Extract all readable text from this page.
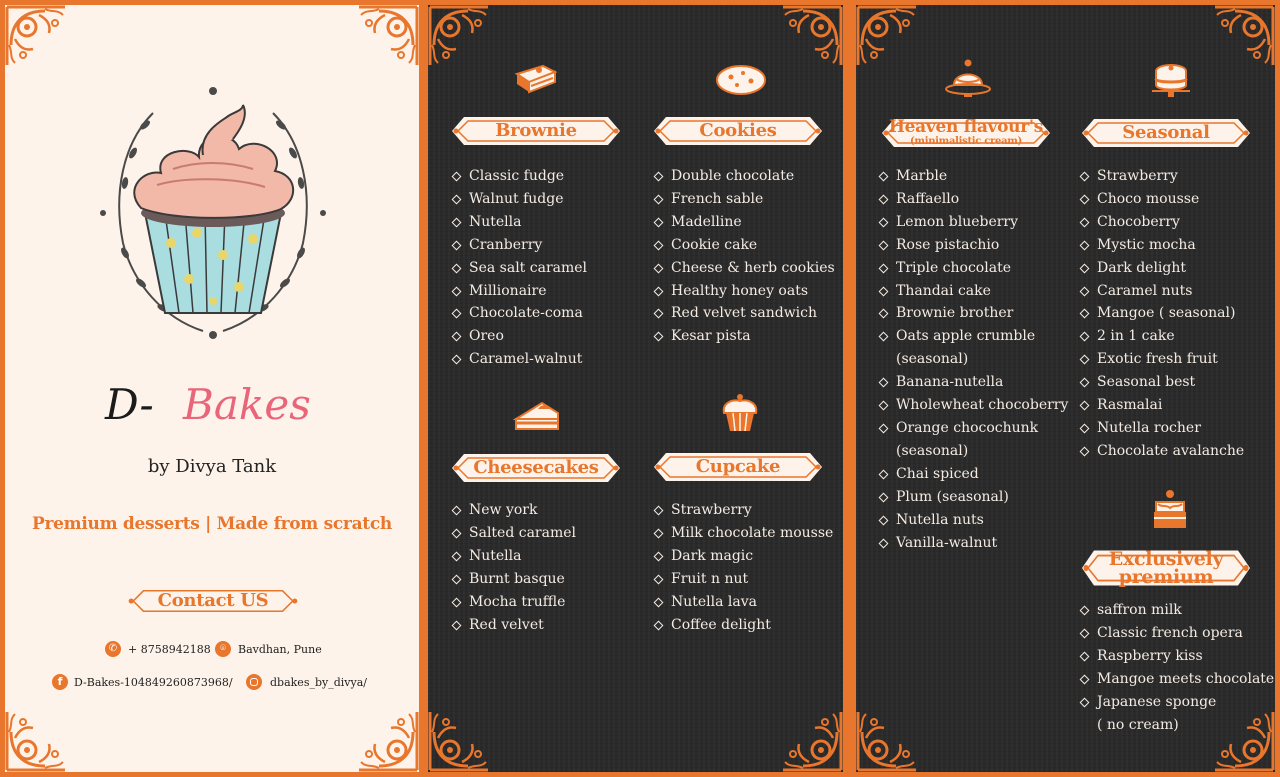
D- Bakes
by Divya Tank
Premium desserts | Made from scratch
Contact US
✆ + 8758942188 ⌾	Bavdhan, Pune
f	D-Bakes-104849260873968/	dbakes_by_divya/
Brownie
Classic fudge
Walnut fudge
Nutella
Cranberry
Sea salt caramel
Millionaire
Chocolate-coma
Oreo
Caramel-walnut
Cookies
Double chocolate
French sable
Madelline
Cookie cake
Cheese & herb cookies
Healthy honey oats
Red velvet sandwich
Kesar pista
Cheesecakes
New york
Salted caramel
Nutella
Burnt basque
Mocha truffle
Red velvet
Cupcake
Strawberry
Milk chocolate mousse
Dark magic
Fruit n nut
Nutella lava
Coffee delight
Heaven flavour's
(minimalistic cream)
Marble
Raffaello
Lemon blueberry
Rose pistachio
Triple chocolate
Thandai cake
Brownie brother
Oats apple crumble
(seasonal)
Banana-nutella
Wholewheat chocoberry
Orange chocochunk
(seasonal)
Chai spiced
Plum (seasonal)
Nutella nuts
Vanilla-walnut
Seasonal
Strawberry
Choco mousse
Chocoberry
Mystic mocha
Dark delight
Caramel nuts
Mangoe ( seasonal)
2 in 1 cake
Exotic fresh fruit
Seasonal best
Rasmalai
Nutella rocher
Chocolate avalanche
Exclusively
premium
saffron milk
Classic french opera
Raspberry kiss
Mangoe meets chocolate
Japanese sponge
( no cream)
